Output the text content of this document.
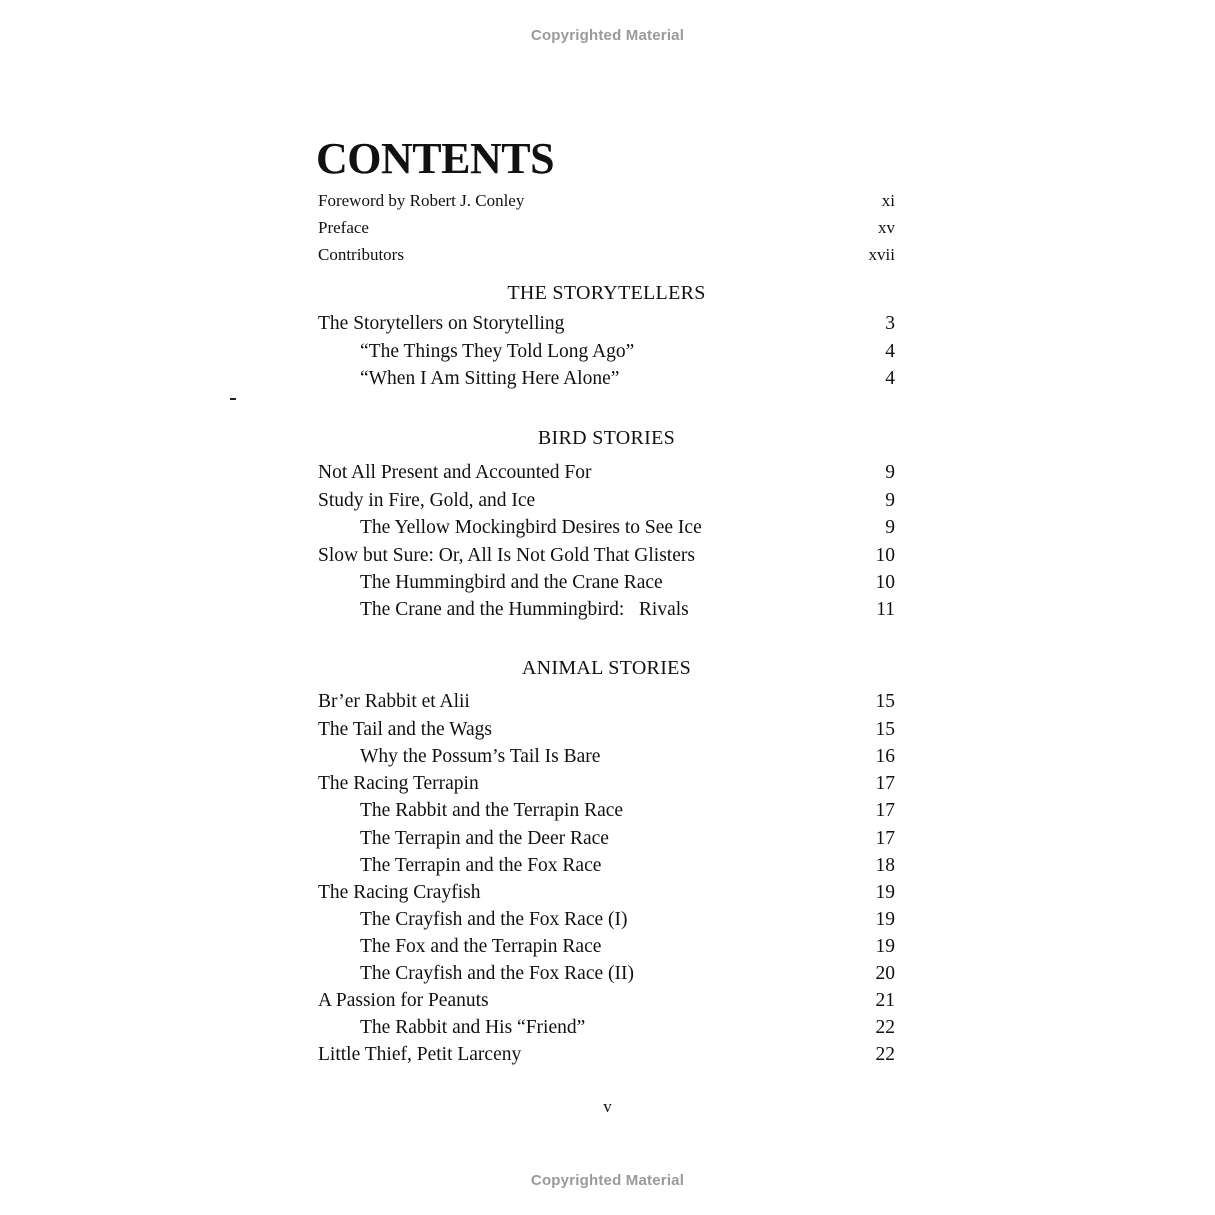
Copyrighted Material
CONTENTS
Foreword by Robert J. Conley	xi
Preface	xv
Contributors	xvii
THE STORYTELLERS
The Storytellers on Storytelling	3
“The Things They Told Long Ago”	4
“When I Am Sitting Here Alone”	4
BIRD STORIES
Not All Present and Accounted For	9
Study in Fire, Gold, and Ice	9
The Yellow Mockingbird Desires to See Ice	9
Slow but Sure: Or, All Is Not Gold That Glisters	10
The Hummingbird and the Crane Race	10
The Crane and the Hummingbird:   Rivals	11
ANIMAL STORIES
Br’er Rabbit et Alii	15
The Tail and the Wags	15
Why the Possum’s Tail Is Bare	16
The Racing Terrapin	17
The Rabbit and the Terrapin Race	17
The Terrapin and the Deer Race	17
The Terrapin and the Fox Race	18
The Racing Crayfish	19
The Crayfish and the Fox Race (I)	19
The Fox and the Terrapin Race	19
The Crayfish and the Fox Race (II)	20
A Passion for Peanuts	21
The Rabbit and His “Friend”	22
Little Thief, Petit Larceny	22
v
Copyrighted Material
